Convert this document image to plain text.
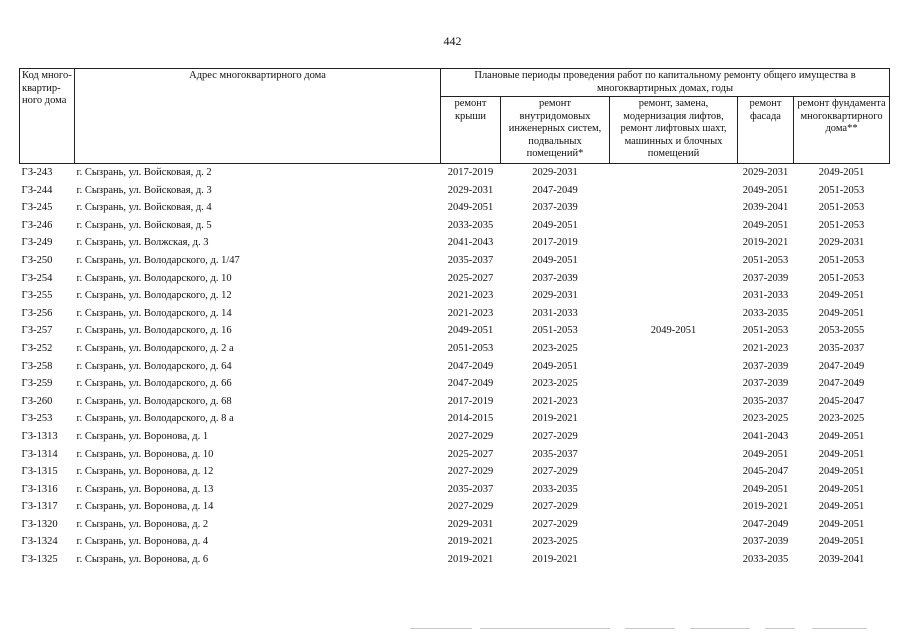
442
Код много-квартир-ного дома	Адрес многоквартирного дома	Плановые периоды проведения работ по капитальному ремонту общего имущества в многоквартирных домах, годы				
		ремонт крыши	ремонт внутридомовых инженерных систем, подвальных помещений*	ремонт, замена, модернизация лифтов, ремонт лифтовых шахт, машинных и блочных помещений	ремонт фасада	ремонт фундамента многоквартирного дома**
ГЗ-243	г. Сызрань, ул. Войсковая, д. 2	2017-2019	2029-2031		2029-2031	2049-2051
ГЗ-244	г. Сызрань, ул. Войсковая, д. 3	2029-2031	2047-2049		2049-2051	2051-2053
ГЗ-245	г. Сызрань, ул. Войсковая, д. 4	2049-2051	2037-2039		2039-2041	2051-2053
ГЗ-246	г. Сызрань, ул. Войсковая, д. 5	2033-2035	2049-2051		2049-2051	2051-2053
ГЗ-249	г. Сызрань, ул. Волжская, д. 3	2041-2043	2017-2019		2019-2021	2029-2031
ГЗ-250	г. Сызрань, ул. Володарского, д. 1/47	2035-2037	2049-2051		2051-2053	2051-2053
ГЗ-254	г. Сызрань, ул. Володарского, д. 10	2025-2027	2037-2039		2037-2039	2051-2053
ГЗ-255	г. Сызрань, ул. Володарского, д. 12	2021-2023	2029-2031		2031-2033	2049-2051
ГЗ-256	г. Сызрань, ул. Володарского, д. 14	2021-2023	2031-2033		2033-2035	2049-2051
ГЗ-257	г. Сызрань, ул. Володарского, д. 16	2049-2051	2051-2053	2049-2051	2051-2053	2053-2055
ГЗ-252	г. Сызрань, ул. Володарского, д. 2 а	2051-2053	2023-2025		2021-2023	2035-2037
ГЗ-258	г. Сызрань, ул. Володарского, д. 64	2047-2049	2049-2051		2037-2039	2047-2049
ГЗ-259	г. Сызрань, ул. Володарского, д. 66	2047-2049	2023-2025		2037-2039	2047-2049
ГЗ-260	г. Сызрань, ул. Володарского, д. 68	2017-2019	2021-2023		2035-2037	2045-2047
ГЗ-253	г. Сызрань, ул. Володарского, д. 8 а	2014-2015	2019-2021		2023-2025	2023-2025
ГЗ-1313	г. Сызрань, ул. Воронова, д. 1	2027-2029	2027-2029		2041-2043	2049-2051
ГЗ-1314	г. Сызрань, ул. Воронова, д. 10	2025-2027	2035-2037		2049-2051	2049-2051
ГЗ-1315	г. Сызрань, ул. Воронова, д. 12	2027-2029	2027-2029		2045-2047	2049-2051
ГЗ-1316	г. Сызрань, ул. Воронова, д. 13	2035-2037	2033-2035		2049-2051	2049-2051
ГЗ-1317	г. Сызрань, ул. Воронова, д. 14	2027-2029	2027-2029		2019-2021	2049-2051
ГЗ-1320	г. Сызрань, ул. Воронова, д. 2	2029-2031	2027-2029		2047-2049	2049-2051
ГЗ-1324	г. Сызрань, ул. Воронова, д. 4	2019-2021	2023-2025		2037-2039	2049-2051
ГЗ-1325	г. Сызрань, ул. Воронова, д. 6	2019-2021	2019-2021		2033-2035	2039-2041
